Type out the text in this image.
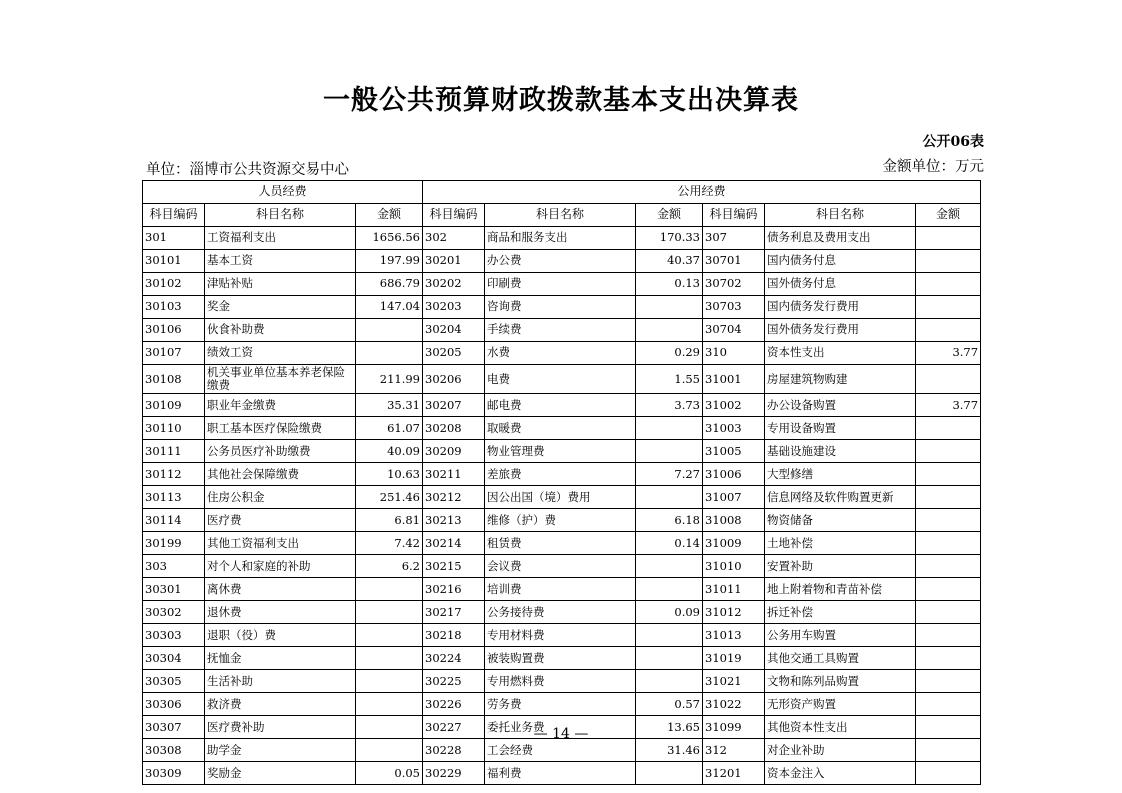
一般公共预算财政拨款基本支出决算表
公开06表
单位：淄博市公共资源交易中心	金额单位：万元
人员经费			公用经费					
科目编码	科目名称	金额	科目编码	科目名称	金额	科目编码	科目名称	金额
301	工资福利支出	1656.56	302	商品和服务支出	170.33	307	债务利息及费用支出	
30101	基本工资	197.99	30201	办公费	40.37	30701	国内债务付息	
30102	津贴补贴	686.79	30202	印刷费	0.13	30702	国外债务付息	
30103	奖金	147.04	30203	咨询费		30703	国内债务发行费用	
30106	伙食补助费		30204	手续费		30704	国外债务发行费用	
30107	绩效工资		30205	水费	0.29	310	资本性支出	3.77
30108	机关事业单位基本养老保险缴费	211.99	30206	电费	1.55	31001	房屋建筑物购建	
30109	职业年金缴费	35.31	30207	邮电费	3.73	31002	办公设备购置	3.77
30110	职工基本医疗保险缴费	61.07	30208	取暖费		31003	专用设备购置	
30111	公务员医疗补助缴费	40.09	30209	物业管理费		31005	基础设施建设	
30112	其他社会保障缴费	10.63	30211	差旅费	7.27	31006	大型修缮	
30113	住房公积金	251.46	30212	因公出国（境）费用		31007	信息网络及软件购置更新	
30114	医疗费	6.81	30213	维修（护）费	6.18	31008	物资储备	
30199	其他工资福利支出	7.42	30214	租赁费	0.14	31009	土地补偿	
303	对个人和家庭的补助	6.2	30215	会议费		31010	安置补助	
30301	离休费		30216	培训费		31011	地上附着物和青苗补偿	
30302	退休费		30217	公务接待费	0.09	31012	拆迁补偿	
30303	退职（役）费		30218	专用材料费		31013	公务用车购置	
30304	抚恤金		30224	被装购置费		31019	其他交通工具购置	
30305	生活补助		30225	专用燃料费		31021	文物和陈列品购置	
30306	救济费		30226	劳务费	0.57	31022	无形资产购置	
30307	医疗费补助		30227	委托业务费	13.65	31099	其他资本性支出	
30308	助学金		30228	工会经费	31.46	312	对企业补助	
30309	奖励金	0.05	30229	福利费		31201	资本金注入	
— 14 —
